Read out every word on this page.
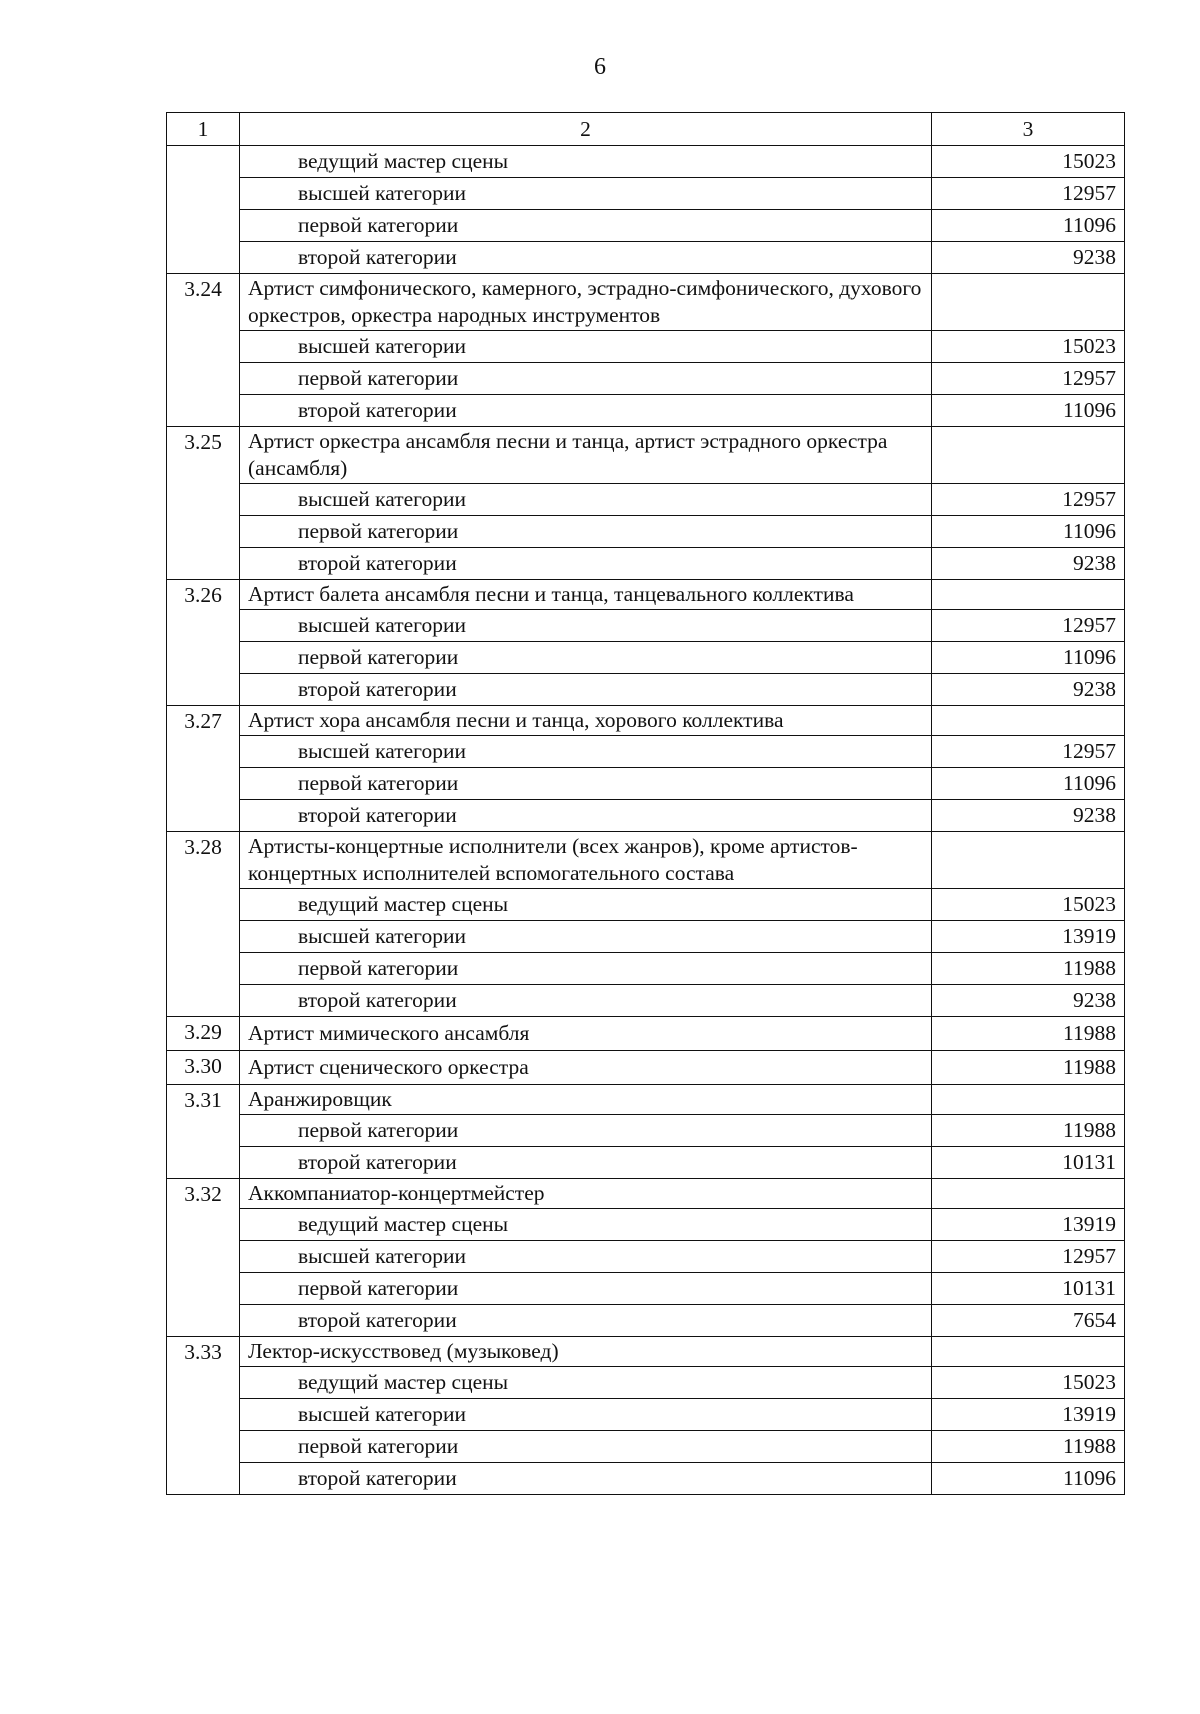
6
1	2	3
	ведущий мастер сцены	15023
	высшей категории	12957
	первой категории	11096
	второй категории	9238
3.24	Артист симфонического, камерного, эстрадно-симфонического, духового оркестров, оркестра народных инструментов	
	высшей категории	15023
	первой категории	12957
	второй категории	11096
3.25	Артист оркестра ансамбля песни и танца, артист эстрадного оркестра (ансамбля)	
	высшей категории	12957
	первой категории	11096
	второй категории	9238
3.26	Артист балета ансамбля песни и танца, танцевального коллектива	
	высшей категории	12957
	первой категории	11096
	второй категории	9238
3.27	Артист хора ансамбля песни и танца, хорового коллектива	
	высшей категории	12957
	первой категории	11096
	второй категории	9238
3.28	Артисты-концертные исполнители (всех жанров), кроме артистов-концертных исполнителей вспомогательного состава	
	ведущий мастер сцены	15023
	высшей категории	13919
	первой категории	11988
	второй категории	9238
3.29	Артист мимического ансамбля	11988
3.30	Артист сценического оркестра	11988
3.31	Аранжировщик	
	первой категории	11988
	второй категории	10131
3.32	Аккомпаниатор-концертмейстер	
	ведущий мастер сцены	13919
	высшей категории	12957
	первой категории	10131
	второй категории	7654
3.33	Лектор-искусствовед (музыковед)	
	ведущий мастер сцены	15023
	высшей категории	13919
	первой категории	11988
	второй категории	11096
